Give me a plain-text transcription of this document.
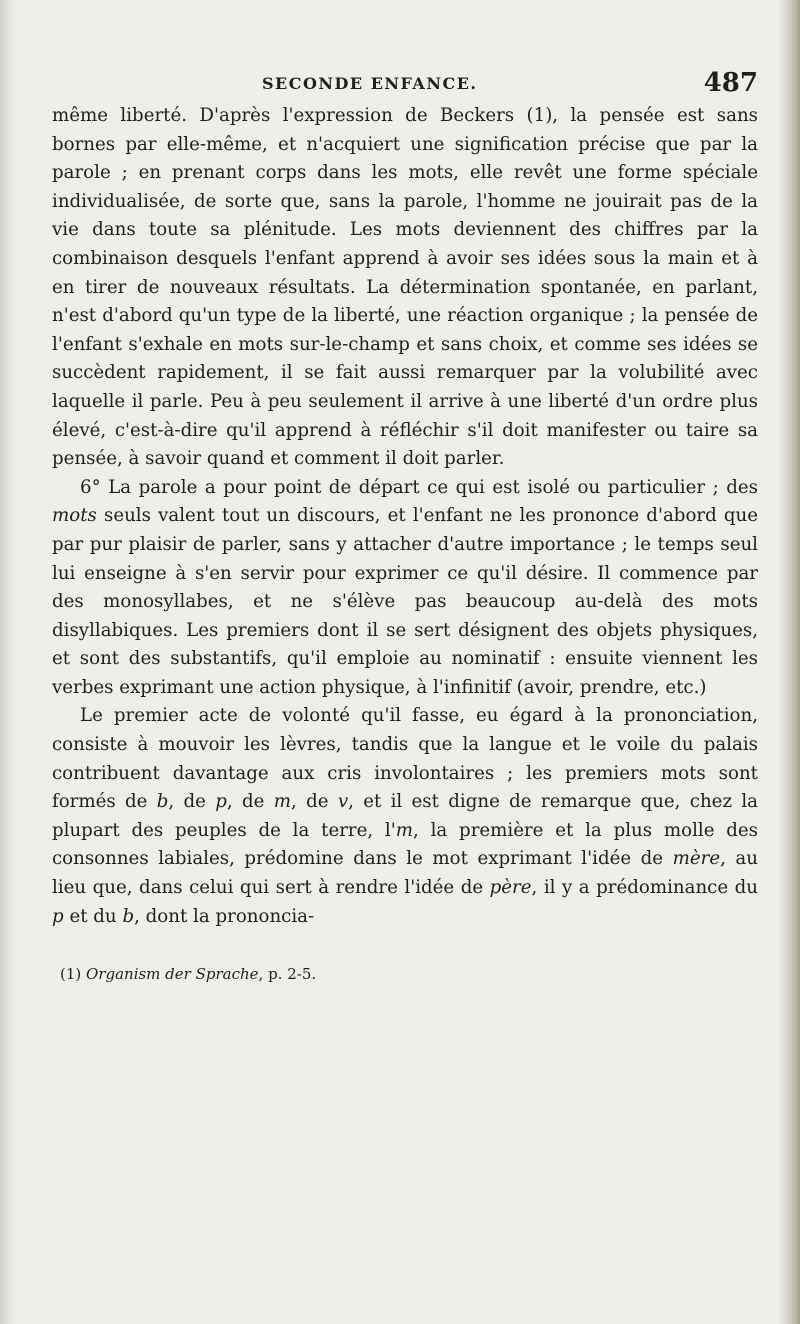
SECONDE ENFANCE.	487

même liberté. D'après l'expression de Beckers (1), la pensée est sans bornes par elle-même, et n'acquiert une signification précise que par la parole ; en prenant corps dans les mots, elle revêt une forme spéciale individualisée, de sorte que, sans la parole, l'homme ne jouirait pas de la vie dans toute sa plénitude. Les mots deviennent des chiffres par la combinaison desquels l'enfant apprend à avoir ses idées sous la main et à en tirer de nouveaux résultats. La détermination spontanée, en parlant, n'est d'abord qu'un type de la liberté, une réaction organique ; la pensée de l'enfant s'exhale en mots sur-le-champ et sans choix, et comme ses idées se succèdent rapidement, il se fait aussi remarquer par la volubilité avec laquelle il parle. Peu à peu seulement il arrive à une liberté d'un ordre plus élevé, c'est-à-dire qu'il apprend à réfléchir s'il doit manifester ou taire sa pensée, à savoir quand et comment il doit parler.

6° La parole a pour point de départ ce qui est isolé ou particulier ; des mots seuls valent tout un discours, et l'enfant ne les prononce d'abord que par pur plaisir de parler, sans y attacher d'autre importance ; le temps seul lui enseigne à s'en servir pour exprimer ce qu'il désire. Il commence par des monosyllabes, et ne s'élève pas beaucoup au-delà des mots disyllabiques. Les premiers dont il se sert désignent des objets physiques, et sont des substantifs, qu'il emploie au nominatif : ensuite viennent les verbes exprimant une action physique, à l'infinitif (avoir, prendre, etc.)

Le premier acte de volonté qu'il fasse, eu égard à la prononciation, consiste à mouvoir les lèvres, tandis que la langue et le voile du palais contribuent davantage aux cris involontaires ; les premiers mots sont formés de b, de p, de m, de v, et il est digne de remarque que, chez la plupart des peuples de la terre, l'm, la première et la plus molle des consonnes labiales, prédomine dans le mot exprimant l'idée de mère, au lieu que, dans celui qui sert à rendre l'idée de père, il y a prédominance du p et du b, dont la prononcia-

(1) Organism der Sprache, p. 2-5.
